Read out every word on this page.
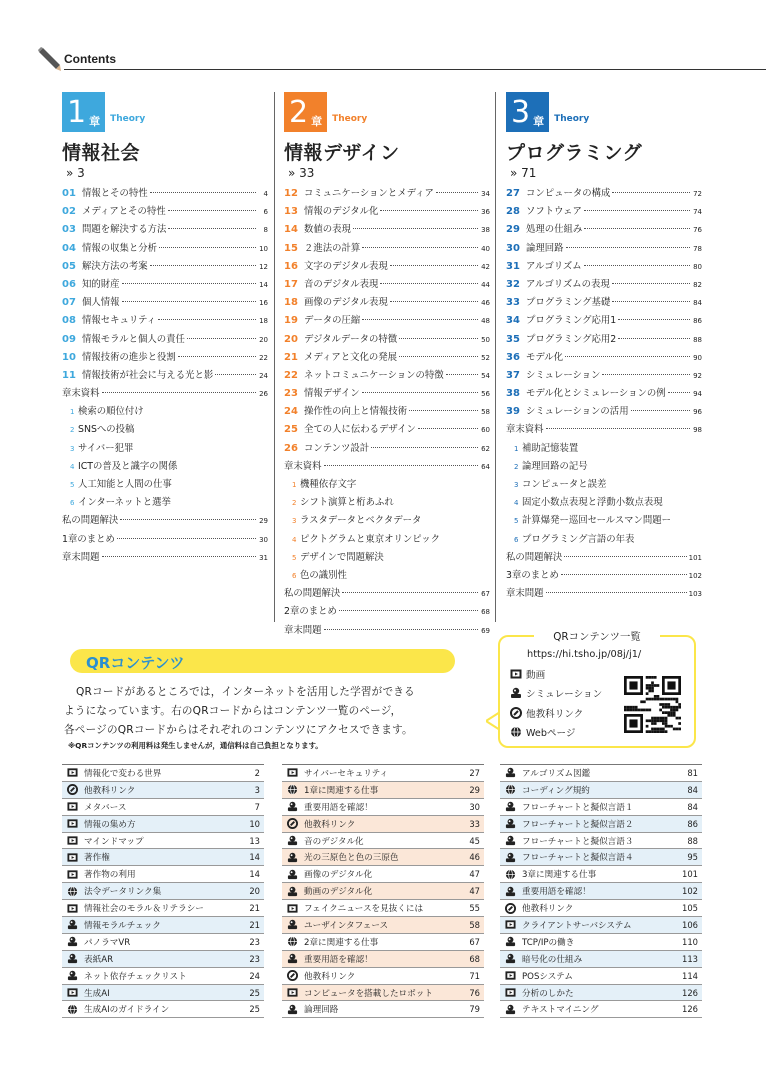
Contents
1 章 Theory
情報社会
» 3
01 情報とその特性	4
02 メディアとその特性	6
03 問題を解決する方法	8
04 情報の収集と分析	10
05 解決方法の考案	12
06 知的財産	14
07 個人情報	16
08 情報セキュリティ	18
09 情報モラルと個人の責任	20
10 情報技術の進歩と役割	22
11 情報技術が社会に与える光と影	24
章末資料	26
1 検索の順位付け
2 SNSへの投稿
3 サイバー犯罪
4 ICTの普及と識字の関係
5 人工知能と人間の仕事
6 インターネットと選挙
私の問題解決	29
1章のまとめ	30
章末問題	31
2 章 Theory
情報デザイン
» 33
12 コミュニケーションとメディア	34
13 情報のデジタル化	36
14 数値の表現	38
15 ２進法の計算	40
16 文字のデジタル表現	42
17 音のデジタル表現	44
18 画像のデジタル表現	46
19 データの圧縮	48
20 デジタルデータの特徴	50
21 メディアと文化の発展	52
22 ネットコミュニケーションの特徴	54
23 情報デザイン	56
24 操作性の向上と情報技術	58
25 全ての人に伝わるデザイン	60
26 コンテンツ設計	62
章末資料	64
1 機種依存文字
2 シフト演算と桁あふれ
3 ラスタデータとベクタデータ
4 ピクトグラムと東京オリンピック
5 デザインで問題解決
6 色の識別性
私の問題解決	67
2章のまとめ	68
章末問題	69
3 章 Theory
プログラミング
» 71
27 コンピュータの構成	72
28 ソフトウェア	74
29 処理の仕組み	76
30 論理回路	78
31 アルゴリズム	80
32 アルゴリズムの表現	82
33 プログラミング基礎	84
34 プログラミング応用1	86
35 プログラミング応用2	88
36 モデル化	90
37 シミュレーション	92
38 モデル化とシミュレーションの例	94
39 シミュレーションの活用	96
章末資料	98
1 補助記憶装置
2 論理回路の記号
3 コンピュータと誤差
4 固定小数点表現と浮動小数点表現
5 計算爆発ー巡回セールスマン問題ー
6 プログラミング言語の年表
私の問題解決	101
3章のまとめ	102
章末問題	103
QRコンテンツ
QRコードがあるところでは，インターネットを活用した学習ができる
ようになっています。右のQRコードからはコンテンツ一覧のページ，
各ページのQRコードからはそれぞれのコンテンツにアクセスできます。
※QRコンテンツの利用料は発生しませんが，通信料は自己負担となります。
QRコンテンツ一覧
https://hi.tsho.jp/08j/j1/
動画
シミュレーション
他教科リンク
Webページ
情報化で変わる世界	2
他教科リンク	3
メタバース	7
情報の集め方	10
マインドマップ	13
著作権	14
著作物の利用	14
法令データリンク集	20
情報社会のモラル＆リテラシー	21
情報モラルチェック	21
パノラマVR	23
表紙AR	23
ネット依存チェックリスト	24
生成AI	25
生成AIのガイドライン	25
サイバーセキュリティ	27
1章に関連する仕事	29
重要用語を確認！	30
他教科リンク	33
音のデジタル化	45
光の三原色と色の三原色	46
画像のデジタル化	47
動画のデジタル化	47
フェイクニュースを見抜くには	55
ユーザインタフェース	58
2章に関連する仕事	67
重要用語を確認！	68
他教科リンク	71
コンピュータを搭載したロボット	76
論理回路	79
アルゴリズム図鑑	81
コーディング規約	84
フローチャートと擬似言語１	84
フローチャートと擬似言語２	86
フローチャートと擬似言語３	88
フローチャートと擬似言語４	95
3章に関連する仕事	101
重要用語を確認！	102
他教科リンク	105
クライアントサーバシステム	106
TCP/IPの働き	110
暗号化の仕組み	113
POSシステム	114
分析のしかた	126
テキストマイニング	126
